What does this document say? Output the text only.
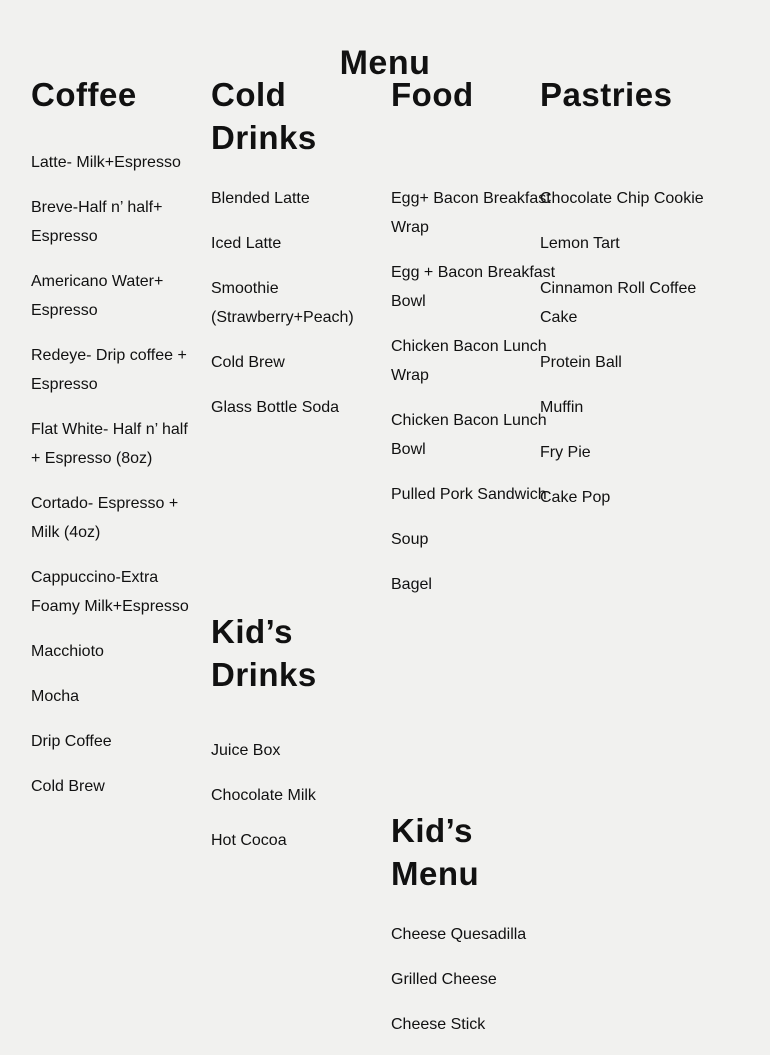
Menu
Coffee
Latte- Milk+Espresso
Breve-Half n’ half+ Espresso
Americano Water+ Espresso
Redeye- Drip coffee + Espresso
Flat White- Half n’ half + Espresso (8oz)
Cortado- Espresso + Milk (4oz)
Cappuccino-Extra Foamy Milk+Espresso
Macchioto
Mocha
Drip Coffee
Cold Brew
Cold Drinks
Blended Latte
Iced Latte
Smoothie (Strawberry+Peach)
Cold Brew
Glass Bottle Soda
Food
Egg+ Bacon Breakfast Wrap
Egg + Bacon Breakfast Bowl
Chicken Bacon Lunch Wrap
Chicken Bacon Lunch Bowl
Pulled Pork Sandwich
Soup
Bagel
Pastries
Chocolate Chip Cookie
Lemon Tart
Cinnamon Roll Coffee Cake
Protein Ball
Muffin
Fry Pie
Cake Pop
Kid’s Drinks
Juice Box
Chocolate Milk
Hot Cocoa	Kid’s Menu
Cheese Quesadilla
Grilled Cheese
Cheese Stick
